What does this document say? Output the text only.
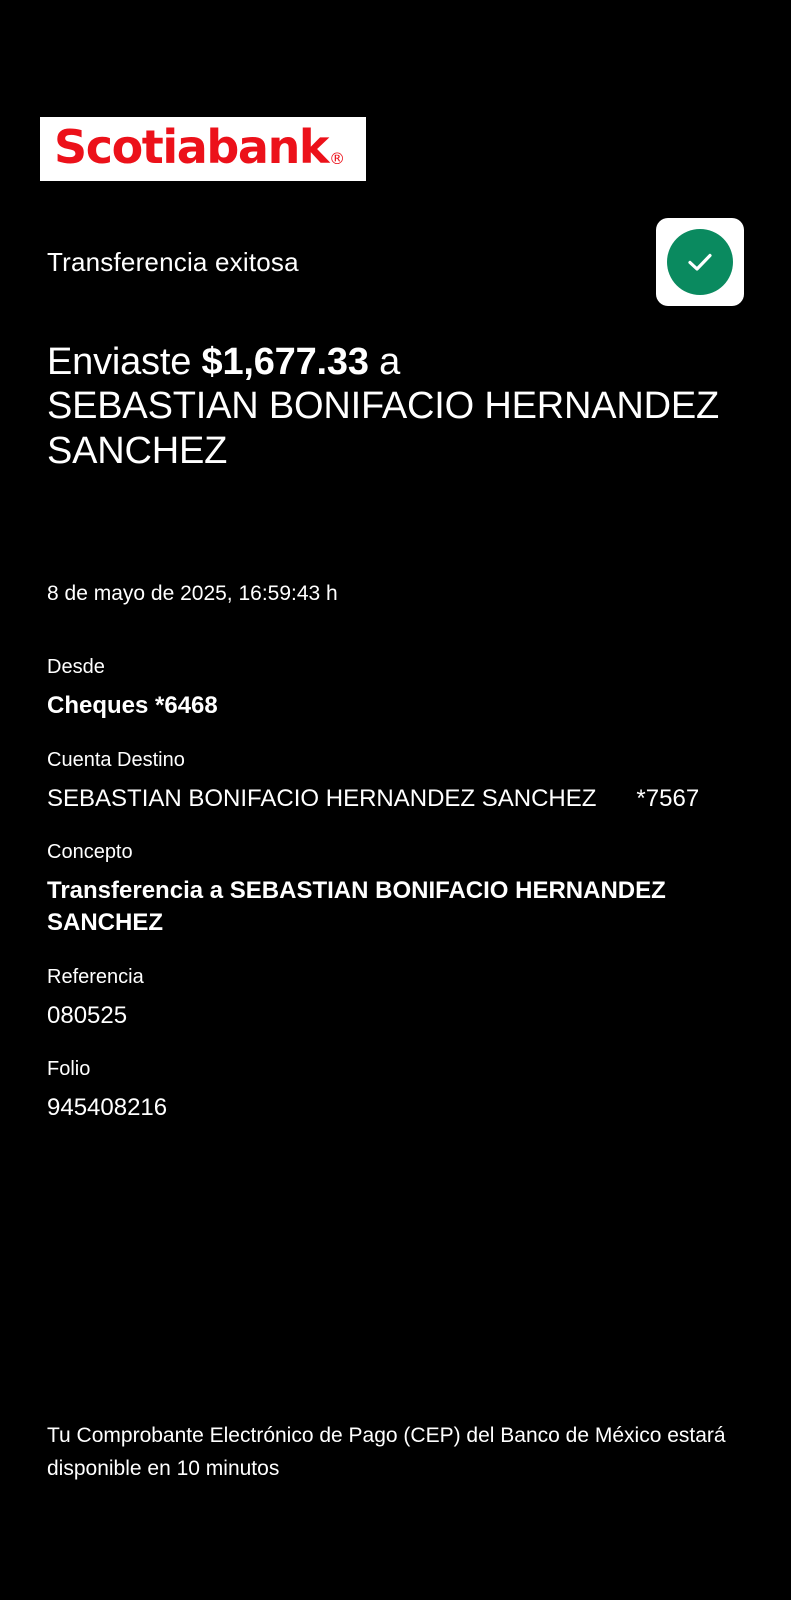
Scotiabank®
Transferencia exitosa
Enviaste $1,677.33 a
SEBASTIAN BONIFACIO HERNANDEZ SANCHEZ
8 de mayo de 2025, 16:59:43 h
Desde
Cheques *6468
Cuenta Destino
SEBASTIAN BONIFACIO HERNANDEZ SANCHEZ      *7567
Concepto
Transferencia a SEBASTIAN BONIFACIO HERNANDEZ SANCHEZ
Referencia
080525
Folio
945408216
Tu Comprobante Electrónico de Pago (CEP) del Banco de México estará disponible en 10 minutos
